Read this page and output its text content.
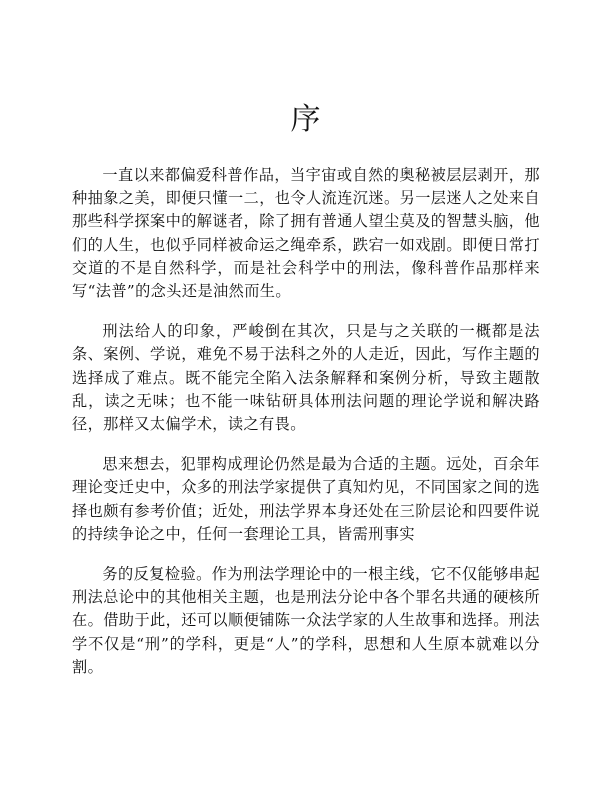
序

一直以来都偏爱科普作品，当宇宙或自然的奥秘被层层剥开，那种抽象之美，即便只懂一二，也令人流连沉迷。另一层迷人之处来自那些科学探案中的解谜者，除了拥有普通人望尘莫及的智慧头脑，他们的人生，也似乎同样被命运之绳牵系，跌宕一如戏剧。即便日常打交道的不是自然科学，而是社会科学中的刑法，像科普作品那样来写“法普”的念头还是油然而生。

刑法给人的印象，严峻倒在其次，只是与之关联的一概都是法条、案例、学说，难免不易于法科之外的人走近，因此，写作主题的选择成了难点。既不能完全陷入法条解释和案例分析，导致主题散乱，读之无味；也不能一味钻研具体刑法问题的理论学说和解决路径，那样又太偏学术，读之有畏。

思来想去，犯罪构成理论仍然是最为合适的主题。远处，百余年理论变迁史中，众多的刑法学家提供了真知灼见，不同国家之间的选择也颇有参考价值；近处，刑法学界本身还处在三阶层论和四要件说的持续争论之中，任何一套理论工具，皆需刑事实

务的反复检验。作为刑法学理论中的一根主线，它不仅能够串起刑法总论中的其他相关主题，也是刑法分论中各个罪名共通的硬核所在。借助于此，还可以顺便铺陈一众法学家的人生故事和选择。刑法学不仅是“刑”的学科，更是“人”的学科，思想和人生原本就难以分割。
